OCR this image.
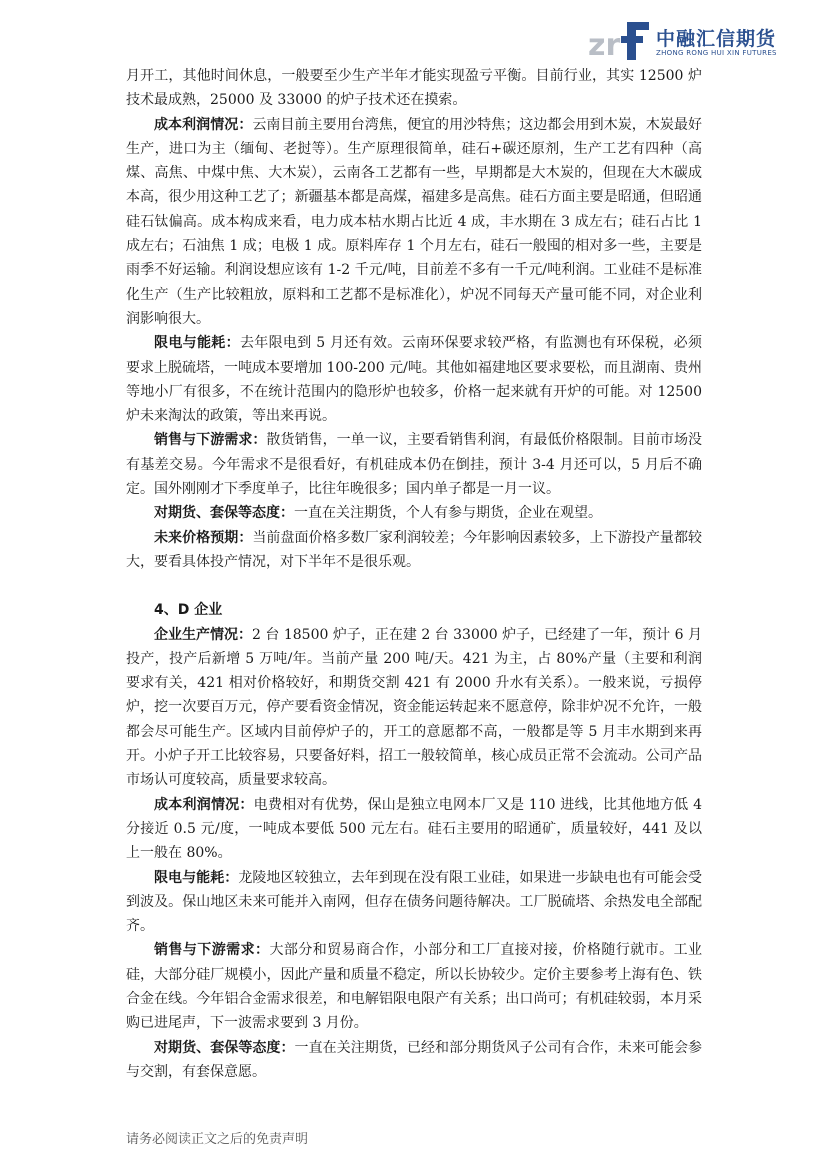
zr 中融汇信期货
ZHONG RONG HUI XIN FUTURES

月开工，其他时间休息，一般要至少生产半年才能实现盈亏平衡。目前行业，其实 12500 炉技术最成熟，25000 及 33000 的炉子技术还在摸索。

成本利润情况：云南目前主要用台湾焦，便宜的用沙特焦；这边都会用到木炭，木炭最好生产，进口为主（缅甸、老挝等）。生产原理很简单，硅石+碳还原剂，生产工艺有四种（高煤、高焦、中煤中焦、大木炭），云南各工艺都有一些，早期都是大木炭的，但现在大木碳成本高，很少用这种工艺了；新疆基本都是高煤，福建多是高焦。硅石方面主要是昭通，但昭通硅石钛偏高。成本构成来看，电力成本枯水期占比近 4 成，丰水期在 3 成左右；硅石占比 1 成左右；石油焦 1 成；电极 1 成。原料库存 1 个月左右，硅石一般囤的相对多一些，主要是雨季不好运输。利润设想应该有 1-2 千元/吨，目前差不多有一千元/吨利润。工业硅不是标准化生产（生产比较粗放，原料和工艺都不是标准化），炉况不同每天产量可能不同，对企业利润影响很大。

限电与能耗：去年限电到 5 月还有效。云南环保要求较严格，有监测也有环保税，必须要求上脱硫塔，一吨成本要增加 100-200 元/吨。其他如福建地区要求要松，而且湖南、贵州等地小厂有很多，不在统计范围内的隐形炉也较多，价格一起来就有开炉的可能。对 12500 炉未来淘汰的政策，等出来再说。

销售与下游需求：散货销售，一单一议，主要看销售利润，有最低价格限制。目前市场没有基差交易。今年需求不是很看好，有机硅成本仍在倒挂，预计 3-4 月还可以，5 月后不确定。国外刚刚才下季度单子，比往年晚很多；国内单子都是一月一议。

对期货、套保等态度：一直在关注期货，个人有参与期货，企业在观望。

未来价格预期：当前盘面价格多数厂家利润较差；今年影响因素较多，上下游投产量都较大，要看具体投产情况，对下半年不是很乐观。

4、D 企业

企业生产情况：2 台 18500 炉子，正在建 2 台 33000 炉子，已经建了一年，预计 6 月投产，投产后新增 5 万吨/年。当前产量 200 吨/天。421 为主，占 80%产量（主要和利润要求有关，421 相对价格较好，和期货交割 421 有 2000 升水有关系）。一般来说，亏损停炉，挖一次要百万元，停产要看资金情况，资金能运转起来不愿意停，除非炉况不允许，一般都会尽可能生产。区域内目前停炉子的，开工的意愿都不高，一般都是等 5 月丰水期到来再开。小炉子开工比较容易，只要备好料，招工一般较简单，核心成员正常不会流动。公司产品市场认可度较高，质量要求较高。

成本利润情况：电费相对有优势，保山是独立电网本厂又是 110 进线，比其他地方低 4 分接近 0.5 元/度，一吨成本要低 500 元左右。硅石主要用的昭通矿，质量较好，441 及以上一般在 80%。

限电与能耗：龙陵地区较独立，去年到现在没有限工业硅，如果进一步缺电也有可能会受到波及。保山地区未来可能并入南网，但存在债务问题待解决。工厂脱硫塔、余热发电全部配齐。

销售与下游需求：大部分和贸易商合作，小部分和工厂直接对接，价格随行就市。工业硅，大部分硅厂规模小，因此产量和质量不稳定，所以长协较少。定价主要参考上海有色、铁合金在线。今年铝合金需求很差，和电解铝限电限产有关系；出口尚可；有机硅较弱，本月采购已进尾声，下一波需求要到 3 月份。

对期货、套保等态度：一直在关注期货，已经和部分期货风子公司有合作，未来可能会参与交割，有套保意愿。

请务必阅读正文之后的免责声明
